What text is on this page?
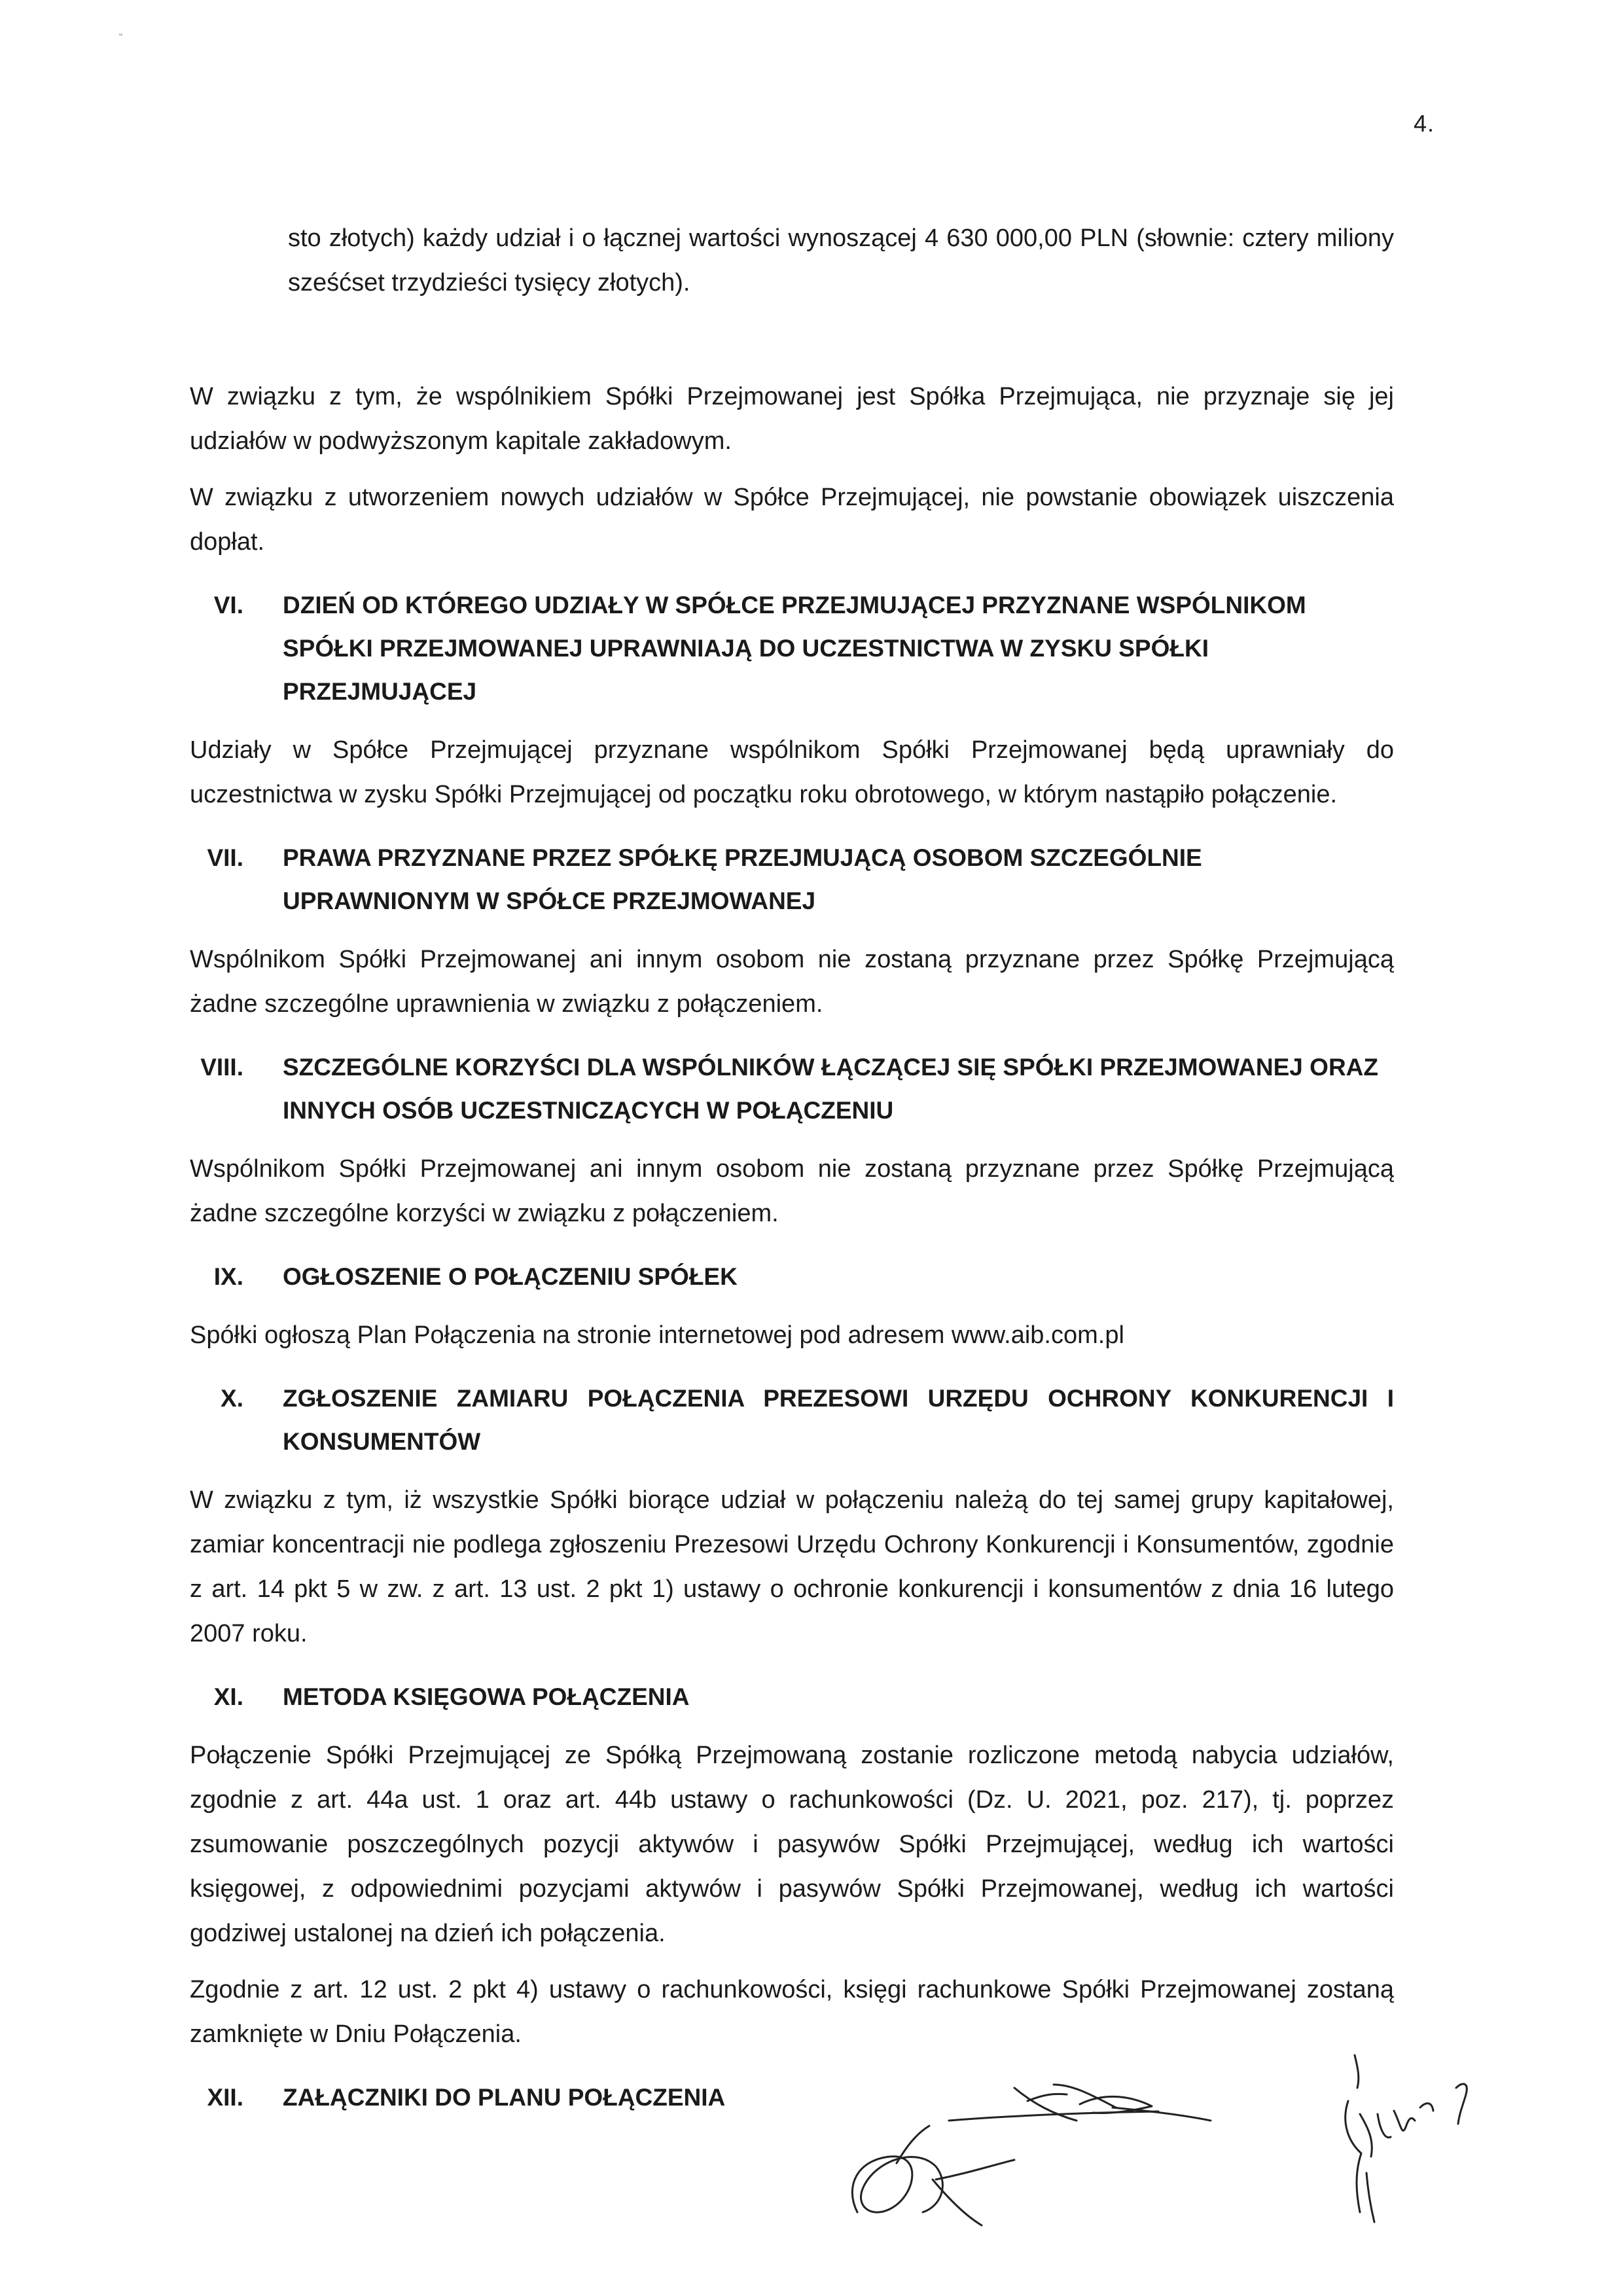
"
4.

sto złotych) każdy udział i o łącznej wartości wynoszącej 4 630 000,00 PLN (słownie: cztery miliony sześćset trzydzieści tysięcy złotych).

W związku z tym, że wspólnikiem Spółki Przejmowanej jest Spółka Przejmująca, nie przyznaje się jej udziałów w podwyższonym kapitale zakładowym.

W związku z utworzeniem nowych udziałów w Spółce Przejmującej, nie powstanie obowiązek uiszczenia dopłat.

VI. DZIEŃ OD KTÓREGO UDZIAŁY W SPÓŁCE PRZEJMUJĄCEJ PRZYZNANE WSPÓLNIKOM SPÓŁKI PRZEJMOWANEJ UPRAWNIAJĄ DO UCZESTNICTWA W ZYSKU SPÓŁKI PRZEJMUJĄCEJ

Udziały w Spółce Przejmującej przyznane wspólnikom Spółki Przejmowanej będą uprawniały do uczestnictwa w zysku Spółki Przejmującej od początku roku obrotowego, w którym nastąpiło połączenie.

VII. PRAWA PRZYZNANE PRZEZ SPÓŁKĘ PRZEJMUJĄCĄ OSOBOM SZCZEGÓLNIE UPRAWNIONYM W SPÓŁCE PRZEJMOWANEJ

Wspólnikom Spółki Przejmowanej ani innym osobom nie zostaną przyznane przez Spółkę Przejmującą żadne szczególne uprawnienia w związku z połączeniem.

VIII. SZCZEGÓLNE KORZYŚCI DLA WSPÓLNIKÓW ŁĄCZĄCEJ SIĘ SPÓŁKI PRZEJMOWANEJ ORAZ INNYCH OSÓB UCZESTNICZĄCYCH W POŁĄCZENIU

Wspólnikom Spółki Przejmowanej ani innym osobom nie zostaną przyznane przez Spółkę Przejmującą żadne szczególne korzyści w związku z połączeniem.

IX. OGŁOSZENIE O POŁĄCZENIU SPÓŁEK

Spółki ogłoszą Plan Połączenia na stronie internetowej pod adresem www.aib.com.pl

X. ZGŁOSZENIE ZAMIARU POŁĄCZENIA PREZESOWI URZĘDU OCHRONY KONKURENCJI I KONSUMENTÓW

W związku z tym, iż wszystkie Spółki biorące udział w połączeniu należą do tej samej grupy kapitałowej, zamiar koncentracji nie podlega zgłoszeniu Prezesowi Urzędu Ochrony Konkurencji i Konsumentów, zgodnie z art. 14 pkt 5 w zw. z art. 13 ust. 2 pkt 1) ustawy o ochronie konkurencji i konsumentów z dnia 16 lutego 2007 roku.

XI. METODA KSIĘGOWA POŁĄCZENIA

Połączenie Spółki Przejmującej ze Spółką Przejmowaną zostanie rozliczone metodą nabycia udziałów, zgodnie z art. 44a ust. 1 oraz art. 44b ustawy o rachunkowości (Dz. U. 2021, poz. 217), tj. poprzez zsumowanie poszczególnych pozycji aktywów i pasywów Spółki Przejmującej, według ich wartości księgowej, z odpowiednimi pozycjami aktywów i pasywów Spółki Przejmowanej, według ich wartości godziwej ustalonej na dzień ich połączenia.

Zgodnie z art. 12 ust. 2 pkt 4) ustawy o rachunkowości, księgi rachunkowe Spółki Przejmowanej zostaną zamknięte w Dniu Połączenia.

XII. ZAŁĄCZNIKI DO PLANU POŁĄCZENIA
